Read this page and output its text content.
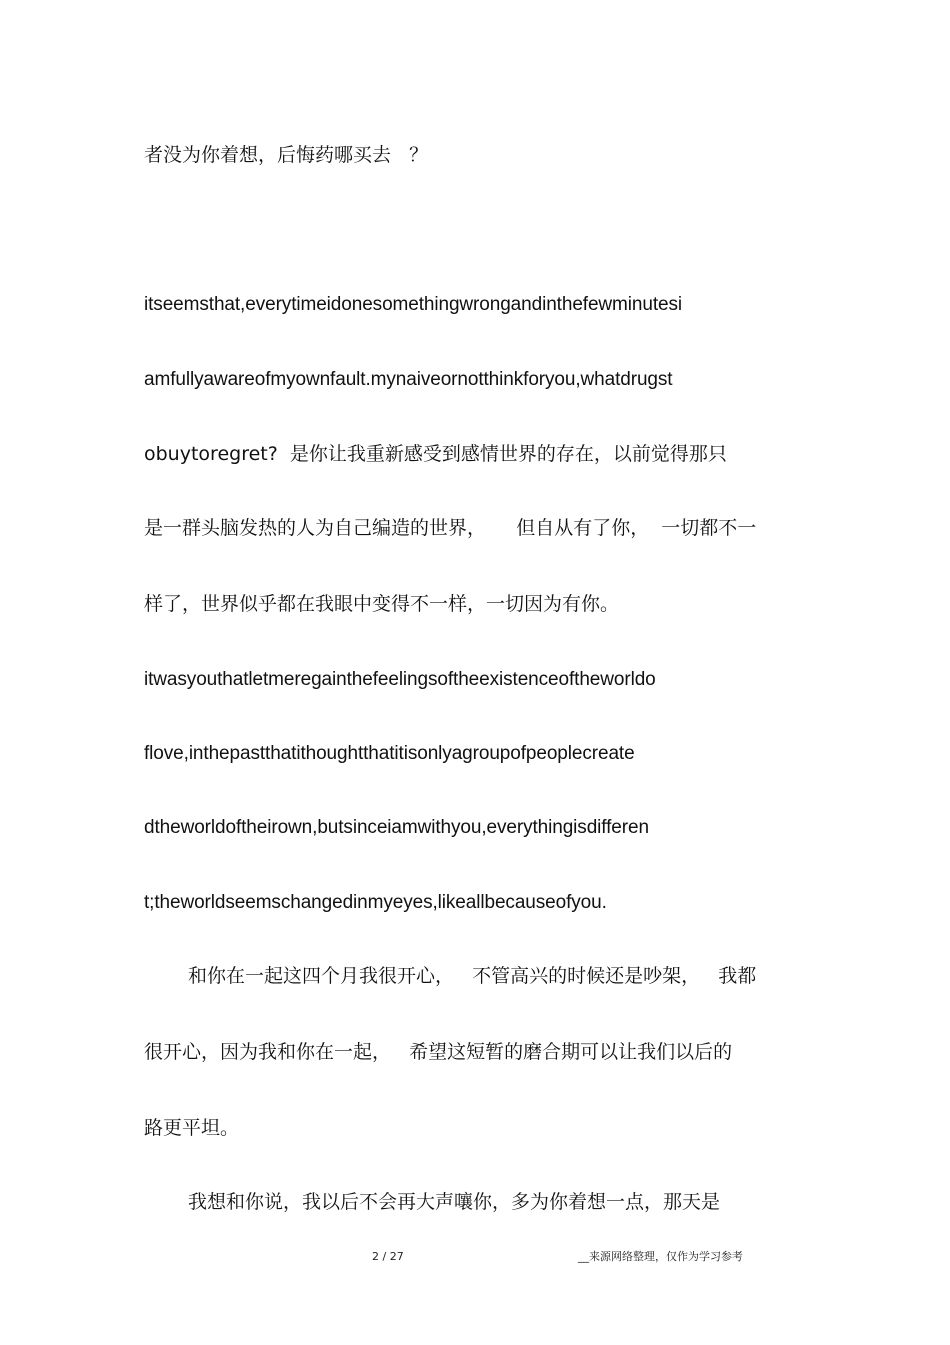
者没为你着想，后悔药哪买去   ？
itseemsthat,everytimeidonesomethingwrongandinthefewminutesi
amfullyawareofmyownfault.mynaiveornotthinkforyou,whatdrugst
obuytoregret?  是你让我重新感受到感情世界的存在，以前觉得那只
是一群头脑发热的人为自己编造的世界，     但自从有了你，  一切都不一
样了，世界似乎都在我眼中变得不一样，一切因为有你。
itwasyouthatletmeregainthefeelingsoftheexistenceoftheworldo
flove,inthepastthatithoughtthatitisonlyagroupofpeoplecreate
dtheworldoftheirown,butsinceiamwithyou,everythingisdifferen
t;theworldseemschangedinmyeyes,likeallbecauseofyou.
和你在一起这四个月我很开心，   不管高兴的时候还是吵架，   我都
很开心，因为我和你在一起，   希望这短暂的磨合期可以让我们以后的
路更平坦。
我想和你说，我以后不会再大声嚷你，多为你着想一点，那天是
2 / 27	__来源网络整理，仅作为学习参考
